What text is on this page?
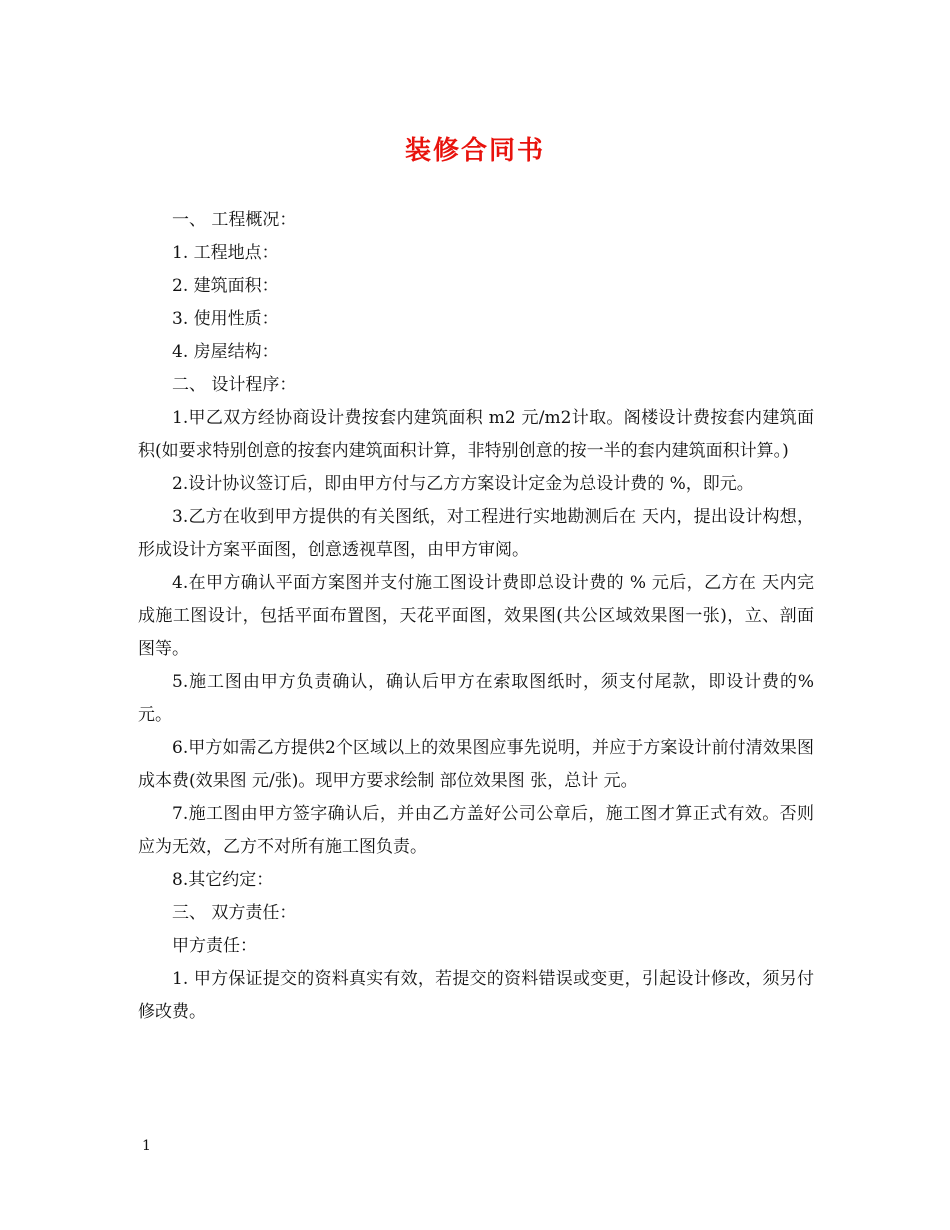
装修合同书

一、 工程概况：

1. 工程地点：

2. 建筑面积：

3. 使用性质：

4. 房屋结构：

二、 设计程序：

1.甲乙双方经协商设计费按套内建筑面积 m2 元/m2计取。阁楼设计费按套内建筑面积(如要求特别创意的按套内建筑面积计算，非特别创意的按一半的套内建筑面积计算。)

2.设计协议签订后，即由甲方付与乙方方案设计定金为总设计费的 %，即元。

3.乙方在收到甲方提供的有关图纸，对工程进行实地勘测后在 天内，提出设计构想，形成设计方案平面图，创意透视草图，由甲方审阅。

4.在甲方确认平面方案图并支付施工图设计费即总设计费的 % 元后，乙方在 天内完成施工图设计，包括平面布置图，天花平面图，效果图(共公区域效果图一张)，立、剖面图等。

5.施工图由甲方负责确认，确认后甲方在索取图纸时，须支付尾款，即设计费的% 元。

6.甲方如需乙方提供2个区域以上的效果图应事先说明，并应于方案设计前付清效果图成本费(效果图 元/张)。现甲方要求绘制 部位效果图 张，总计 元。

7.施工图由甲方签字确认后，并由乙方盖好公司公章后，施工图才算正式有效。否则应为无效，乙方不对所有施工图负责。

8.其它约定：

三、 双方责任：

甲方责任：

1. 甲方保证提交的资料真实有效，若提交的资料错误或变更，引起设计修改，须另付修改费。

1
